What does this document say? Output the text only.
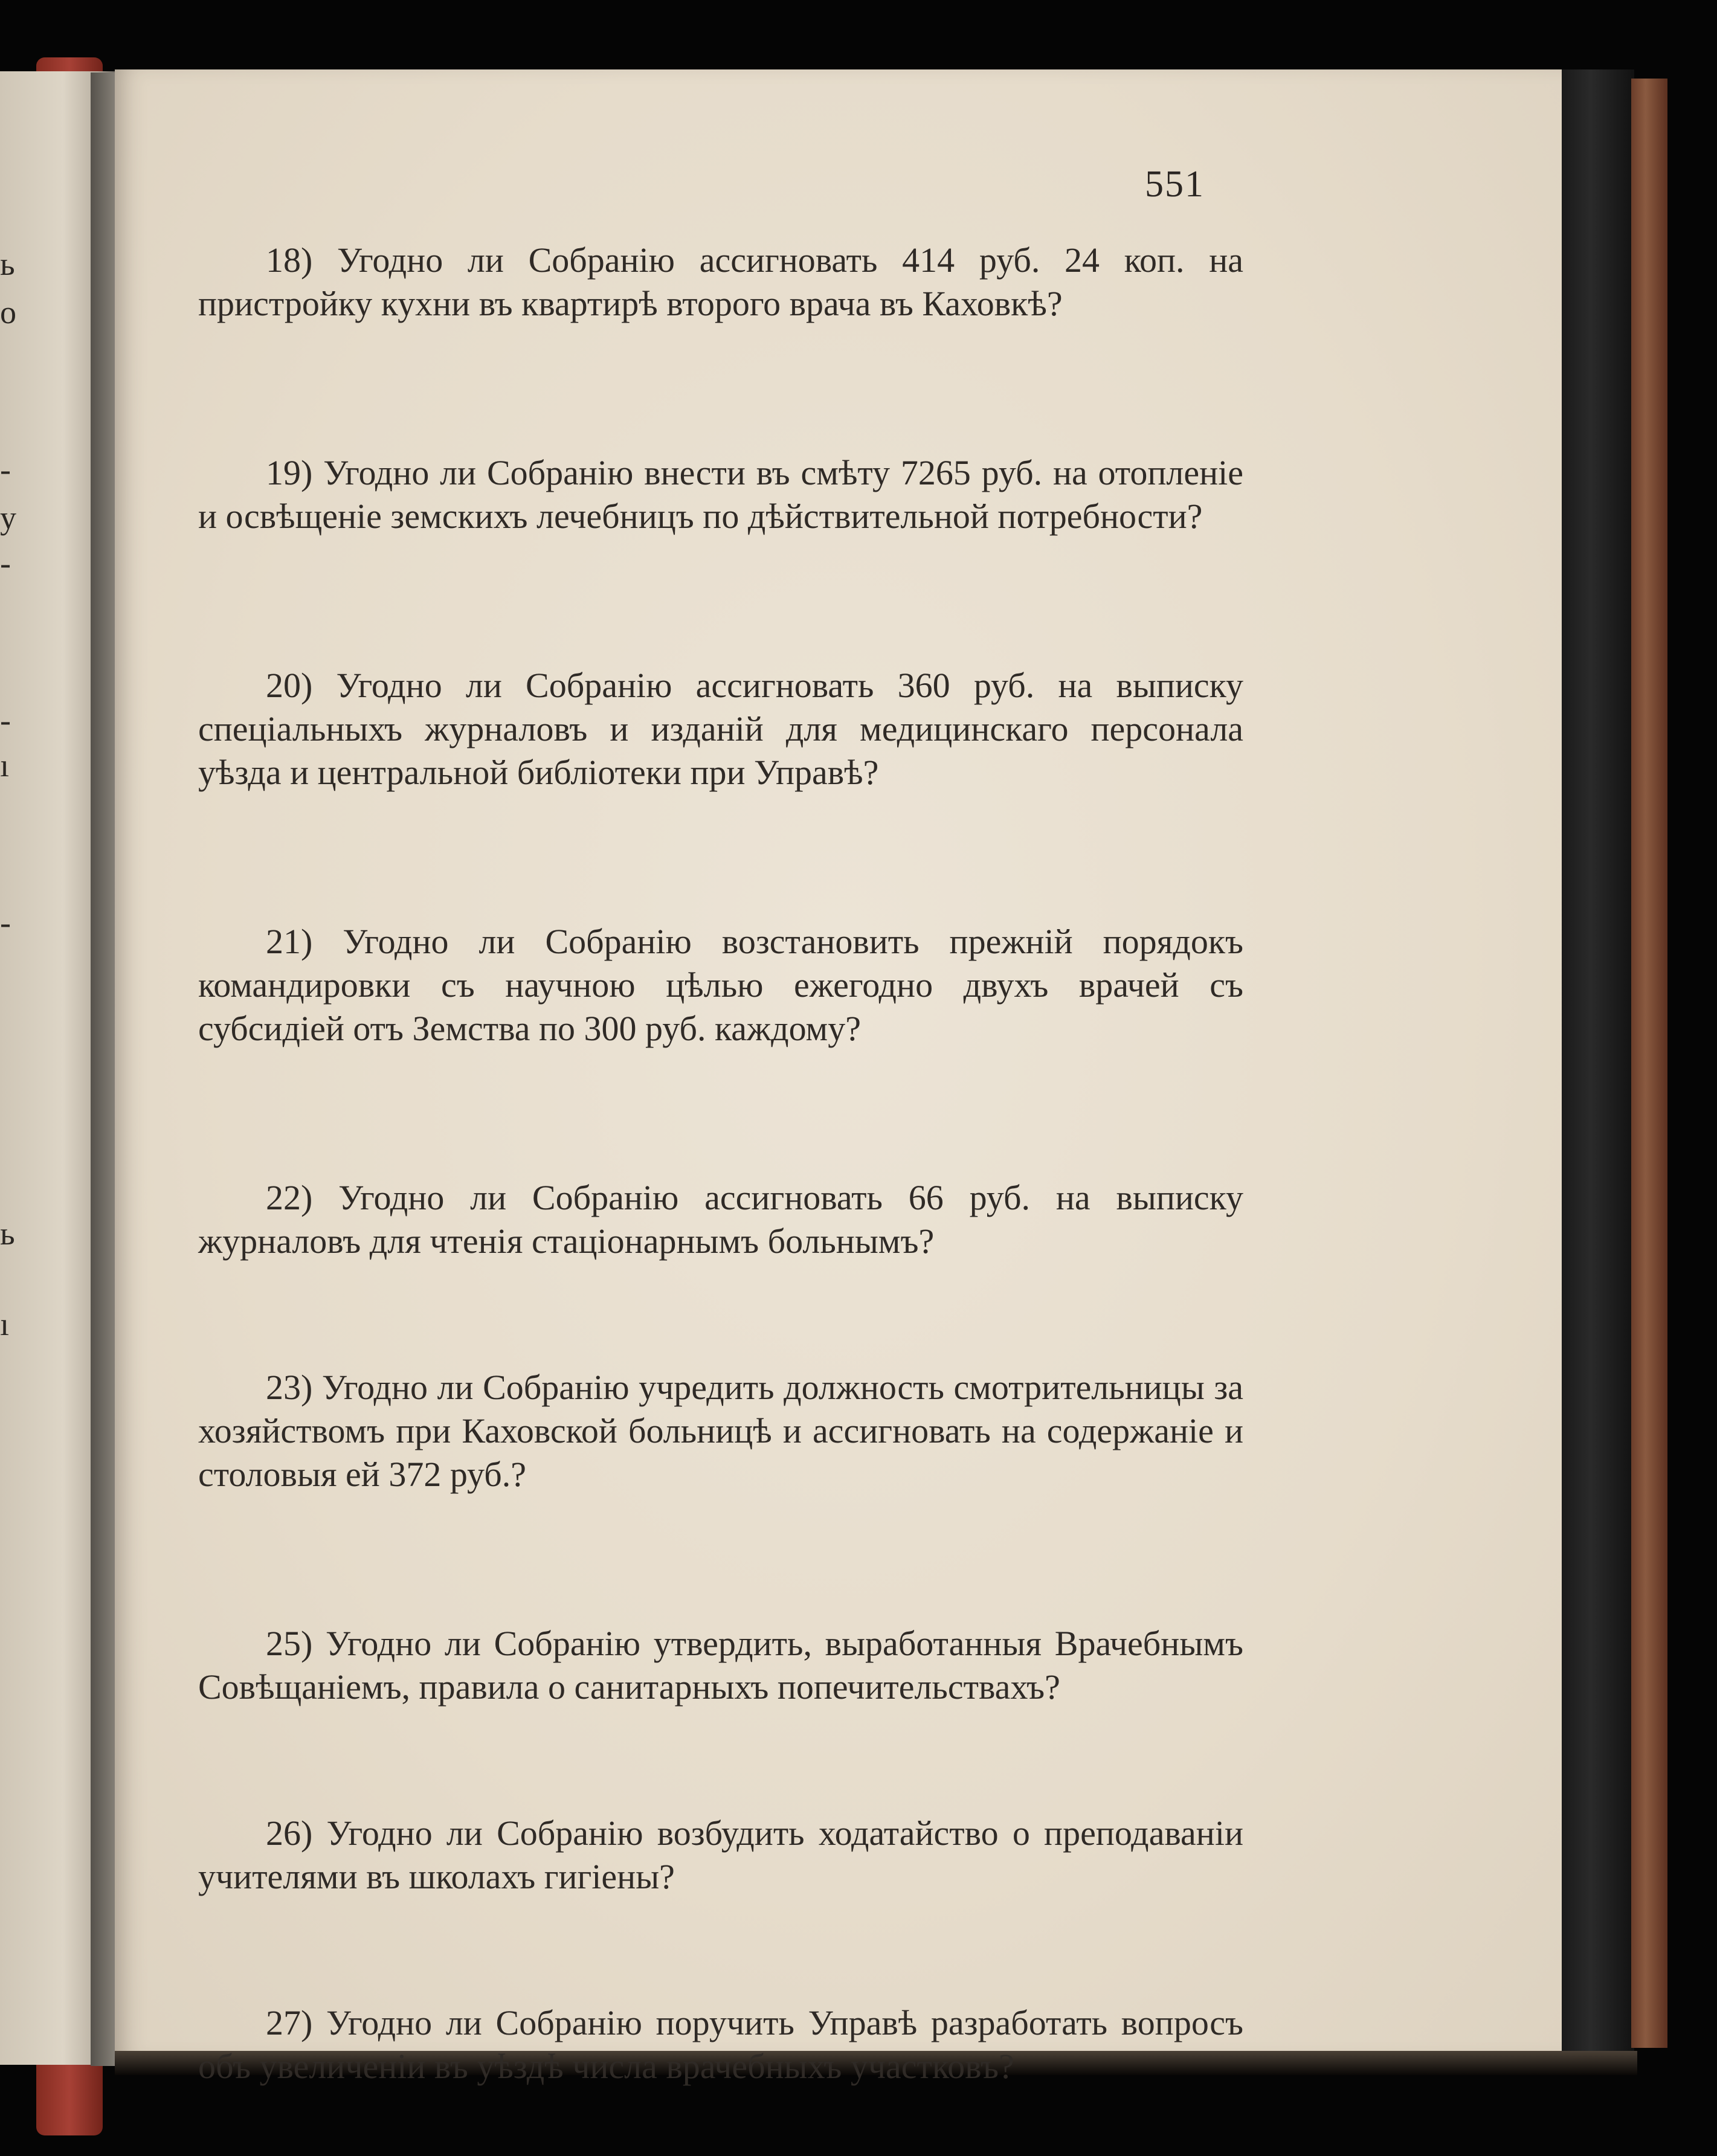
ь
о
-
у
-
-
ı
-
ь
ı
551

18) Угодно ли Собранію ассигновать 414 руб. 24 коп. на пристройку кухни въ квартирѣ второго врача въ Каховкѣ?

19) Угодно ли Собранію внести въ смѣту 7265 руб. на отопленіе и освѣщеніе земскихъ лечебницъ по дѣйствительной потребности?

20) Угодно ли Собранію ассигновать 360 руб. на выписку спеціальныхъ журналовъ и изданій для медицинскаго персонала уѣзда и центральной библіотеки при Управѣ?

21) Угодно ли Собранію возстановить прежній порядокъ командировки съ научною цѣлью ежегодно двухъ врачей съ субсидіей отъ Земства по 300 руб. каждому?

22) Угодно ли Собранію ассигновать 66 руб. на выписку журналовъ для чтенія стаціонарнымъ больнымъ?

23) Угодно ли Собранію учредить должность смотрительницы за хозяйствомъ при Каховской больницѣ и ассигновать на содержаніе и столовыя ей 372 руб.?

25) Угодно ли Собранію утвердить, выработанныя Врачебнымъ Совѣщаніемъ, правила о санитарныхъ попечительствахъ?

26) Угодно ли Собранію возбудить ходатайство о преподаваніи учителями въ школахъ гигіены?

27) Угодно ли Собранію поручить Управѣ разработать вопросъ объ увеличеніи въ уѣздѣ числа врачебныхъ участковъ?
